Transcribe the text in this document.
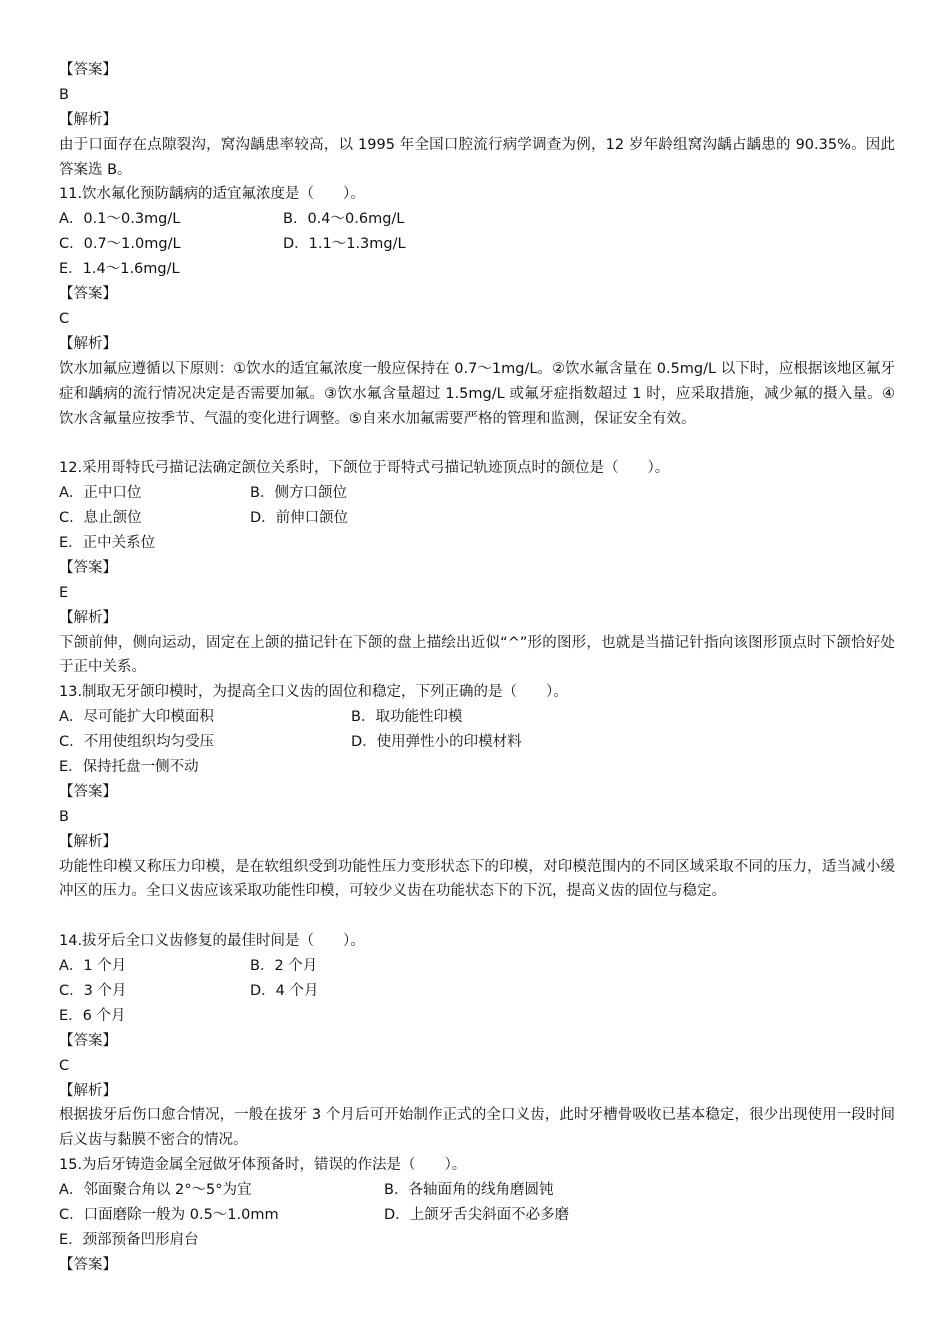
【答案】
B
【解析】
由于口面存在点隙裂沟，窝沟龋患率较高，以 1995 年全国口腔流行病学调查为例，12 岁年龄组窝沟龋占龋患的 90.35%。因此答案选 B。
11.饮水氟化预防龋病的适宜氟浓度是（　　）。
A．0.1～0.3mg/L	B．0.4～0.6mg/L
C．0.7～1.0mg/L	D．1.1～1.3mg/L
E．1.4～1.6mg/L
【答案】
C
【解析】
饮水加氟应遵循以下原则：①饮水的适宜氟浓度一般应保持在 0.7～1mg/L。②饮水氟含量在 0.5mg/L 以下时，应根据该地区氟牙症和龋病的流行情况决定是否需要加氟。③饮水氟含量超过 1.5mg/L 或氟牙症指数超过 1 时，应采取措施，减少氟的摄入量。④饮水含氟量应按季节、气温的变化进行调整。⑤自来水加氟需要严格的管理和监测，保证安全有效。
12.采用哥特氏弓描记法确定颌位关系时，下颌位于哥特式弓描记轨迹顶点时的颌位是（　　）。
A．正中口位	B．侧方口颌位
C．息止颌位	D．前伸口颌位
E．正中关系位
【答案】
E
【解析】
下颌前伸，侧向运动，固定在上颌的描记针在下颌的盘上描绘出近似“^”形的图形，也就是当描记针指向该图形顶点时下颌恰好处于正中关系。
13.制取无牙颌印模时，为提高全口义齿的固位和稳定，下列正确的是（　　）。
A．尽可能扩大印模面积	B．取功能性印模
C．不用使组织均匀受压	D．使用弹性小的印模材料
E．保持托盘一侧不动
【答案】
B
【解析】
功能性印模又称压力印模，是在软组织受到功能性压力变形状态下的印模，对印模范围内的不同区域采取不同的压力，适当减小缓冲区的压力。全口义齿应该采取功能性印模，可较少义齿在功能状态下的下沉，提高义齿的固位与稳定。
14.拔牙后全口义齿修复的最佳时间是（　　）。
A．1 个月	B．2 个月
C．3 个月	D．4 个月
E．6 个月
【答案】
C
【解析】
根据拔牙后伤口愈合情况，一般在拔牙 3 个月后可开始制作正式的全口义齿，此时牙槽骨吸收已基本稳定，很少出现使用一段时间后义齿与黏膜不密合的情况。
15.为后牙铸造金属全冠做牙体预备时，错误的作法是（　　）。
A．邻面聚合角以 2°～5°为宜	B．各轴面角的线角磨圆钝
C．口面磨除一般为 0.5～1.0mm	D．上颌牙舌尖斜面不必多磨
E．颈部预备凹形肩台
【答案】
